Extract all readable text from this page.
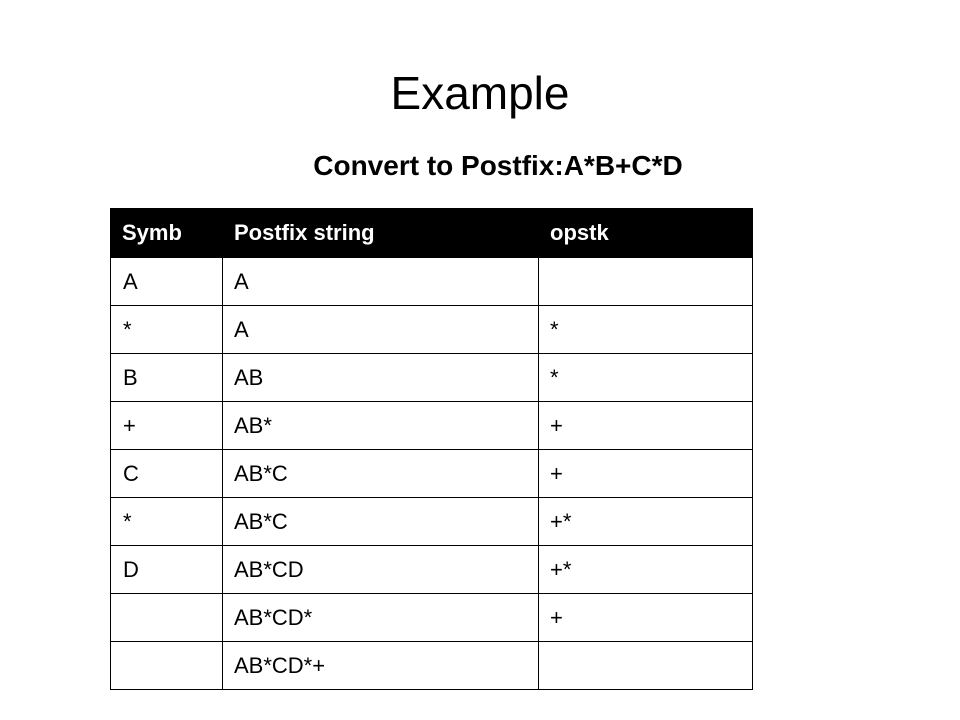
Example
Convert to Postfix:A*B+C*D
Symb	Postfix string	opstk
A	A	
*	A	*
B	AB	*
+	AB*	+
C	AB*C	+
*	AB*C	+*
D	AB*CD	+*
	AB*CD*	+
	AB*CD*+	
